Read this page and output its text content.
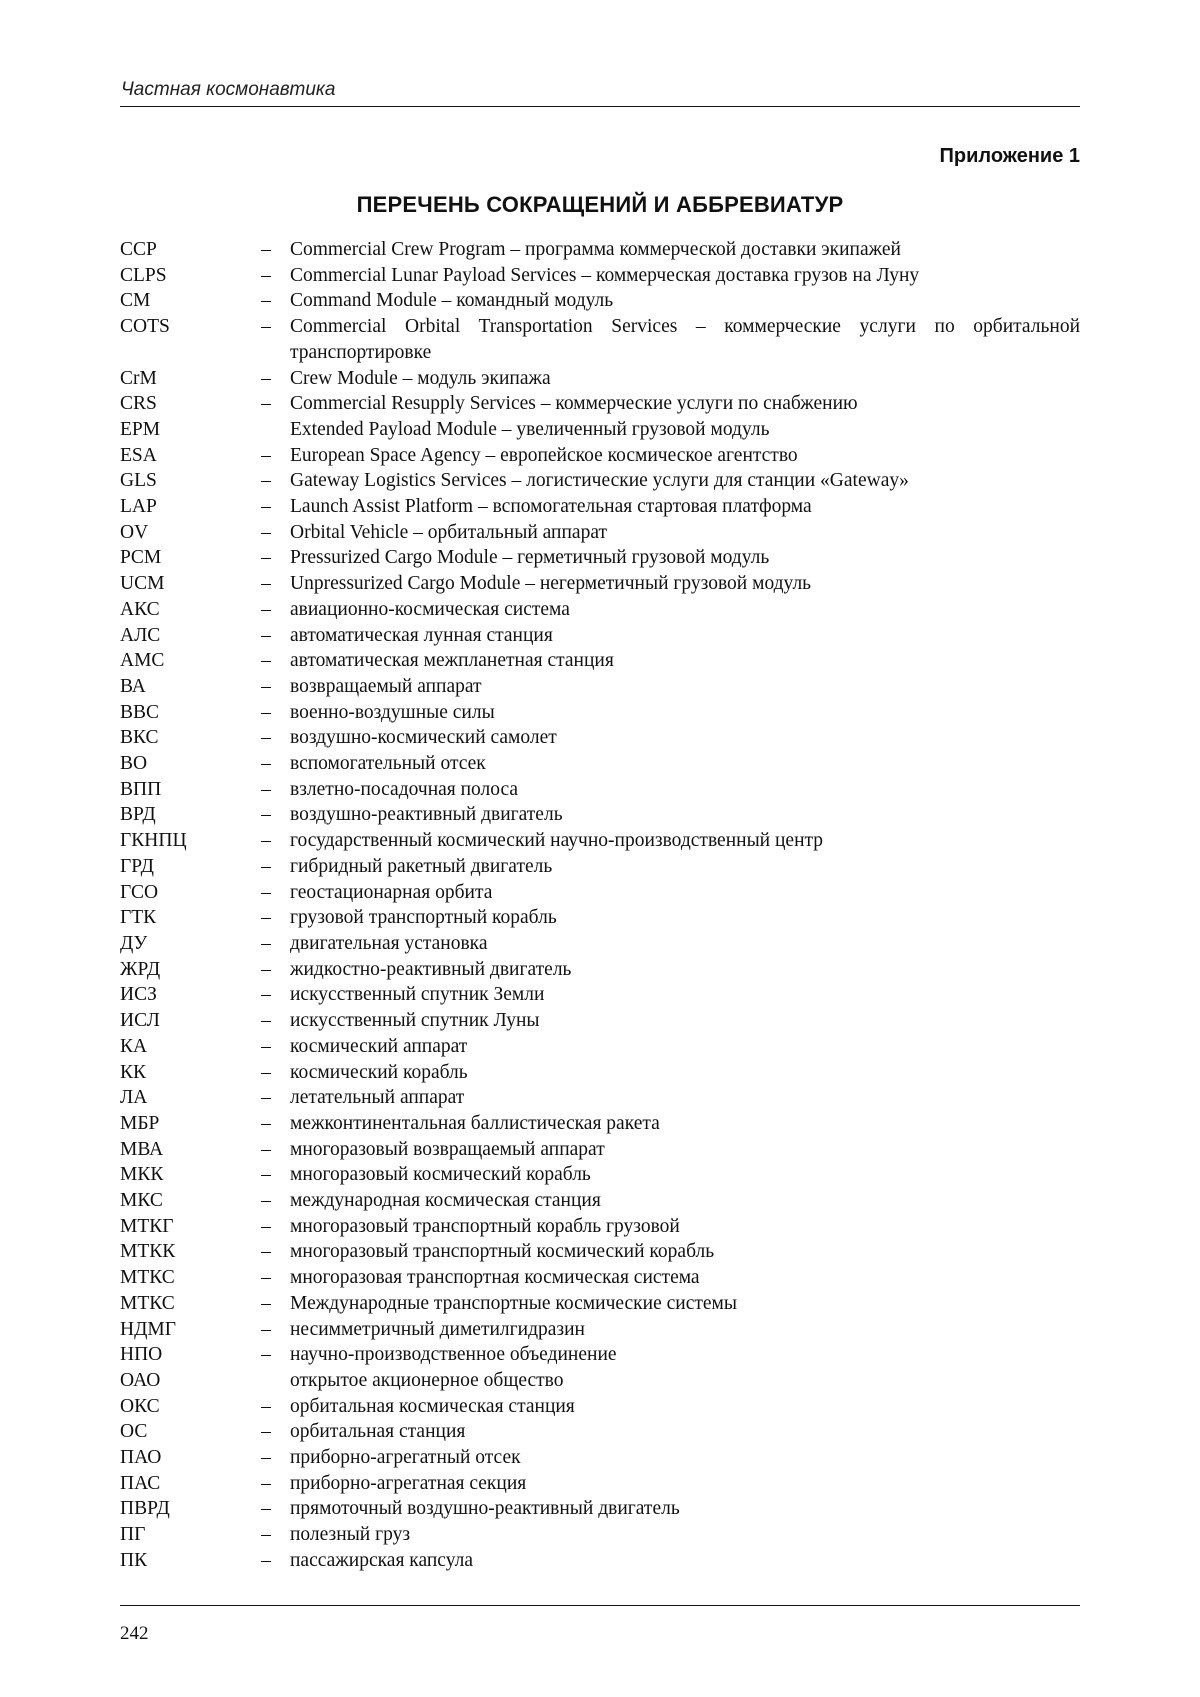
Частная космонавтика
Приложение 1
ПЕРЕЧЕНЬ СОКРАЩЕНИЙ И АББРЕВИАТУР
CCP	– Commercial Crew Program – программа коммерческой доставки экипажей
CLPS	– Commercial Lunar Payload Services – коммерческая доставка грузов на Луну
CM	– Command Module – командный модуль
COTS	– Commercial Orbital Transportation Services – коммерческие услуги по орбитальной транспортировке
CrM	– Crew Module – модуль экипажа
CRS	– Commercial Resupply Services – коммерческие услуги по снабжению
EPM	Extended Payload Module – увеличенный грузовой модуль
ESA	– European Space Agency – европейское космическое агентство
GLS	– Gateway Logistics Services – логистические услуги для станции «Gateway»
LAP	– Launch Assist Platform – вспомогательная стартовая платформа
OV	– Orbital Vehicle – орбитальный аппарат
PCM	– Pressurized Cargo Module – герметичный грузовой модуль
UCM	– Unpressurized Cargo Module – негерметичный грузовой модуль
АКС	– авиационно-космическая система
АЛС	– автоматическая лунная станция
АМС	– автоматическая межпланетная станция
ВА	– возвращаемый аппарат
ВВС	– военно-воздушные силы
ВКС	– воздушно-космический самолет
ВО	– вспомогательный отсек
ВПП	– взлетно-посадочная полоса
ВРД	– воздушно-реактивный двигатель
ГКНПЦ	– государственный космический научно-производственный центр
ГРД	– гибридный ракетный двигатель
ГСО	– геостационарная орбита
ГТК	– грузовой транспортный корабль
ДУ	– двигательная установка
ЖРД	– жидкостно-реактивный двигатель
ИСЗ	– искусственный спутник Земли
ИСЛ	– искусственный спутник Луны
КА	– космический аппарат
КК	– космический корабль
ЛА	– летательный аппарат
МБР	– межконтинентальная баллистическая ракета
МВА	– многоразовый возвращаемый аппарат
МКК	– многоразовый космический корабль
МКС	– международная космическая станция
МТКГ	– многоразовый транспортный корабль грузовой
МТКК	– многоразовый транспортный космический корабль
МТКС	– многоразовая транспортная космическая система
МТКС	– Международные транспортные космические системы
НДМГ	– несимметричный диметилгидразин
НПО	– научно-производственное объединение
ОАО	открытое акционерное общество
ОКС	– орбитальная космическая станция
ОС	– орбитальная станция
ПАО	– приборно-агрегатный отсек
ПАС	– приборно-агрегатная секция
ПВРД	– прямоточный воздушно-реактивный двигатель
ПГ	– полезный груз
ПК	– пассажирская капсула
242
